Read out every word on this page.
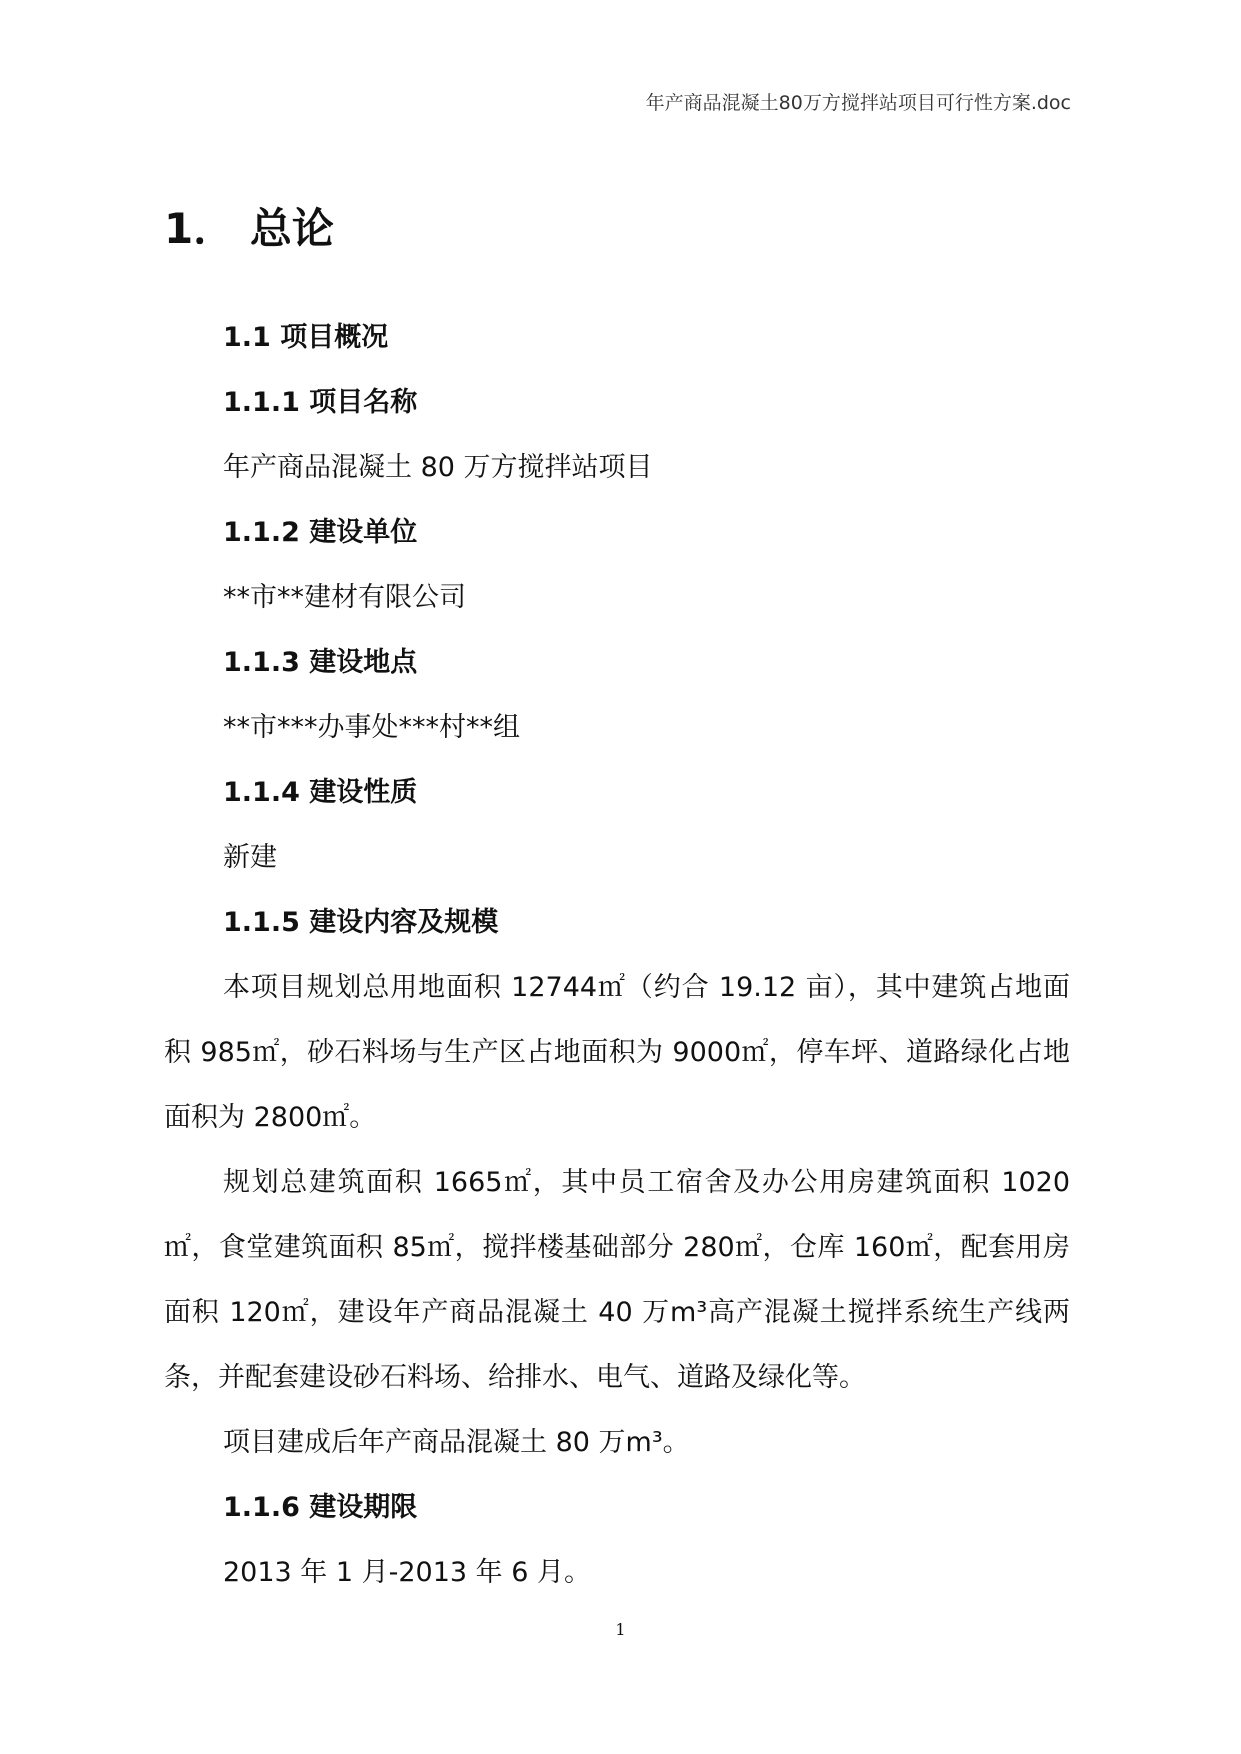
年产商品混凝土80万方搅拌站项目可行性方案.doc
1． 总论

1.1 项目概况

1.1.1 项目名称

年产商品混凝土 80 万方搅拌站项目

1.1.2 建设单位

**市**建材有限公司

1.1.3 建设地点

**市***办事处***村**组

1.1.4 建设性质

新建

1.1.5 建设内容及规模

本项目规划总用地面积 12744㎡（约合 19.12 亩），其中建筑占地面积 985㎡，砂石料场与生产区占地面积为 9000㎡，停车坪、道路绿化占地面积为 2800㎡。

规划总建筑面积 1665㎡，其中员工宿舍及办公用房建筑面积 1020㎡，食堂建筑面积 85㎡，搅拌楼基础部分 280㎡，仓库 160㎡，配套用房面积 120㎡，建设年产商品混凝土 40 万m³高产混凝土搅拌系统生产线两条，并配套建设砂石料场、给排水、电气、道路及绿化等。

项目建成后年产商品混凝土 80 万m³。

1.1.6 建设期限

2013 年 1 月-2013 年 6 月。

1
